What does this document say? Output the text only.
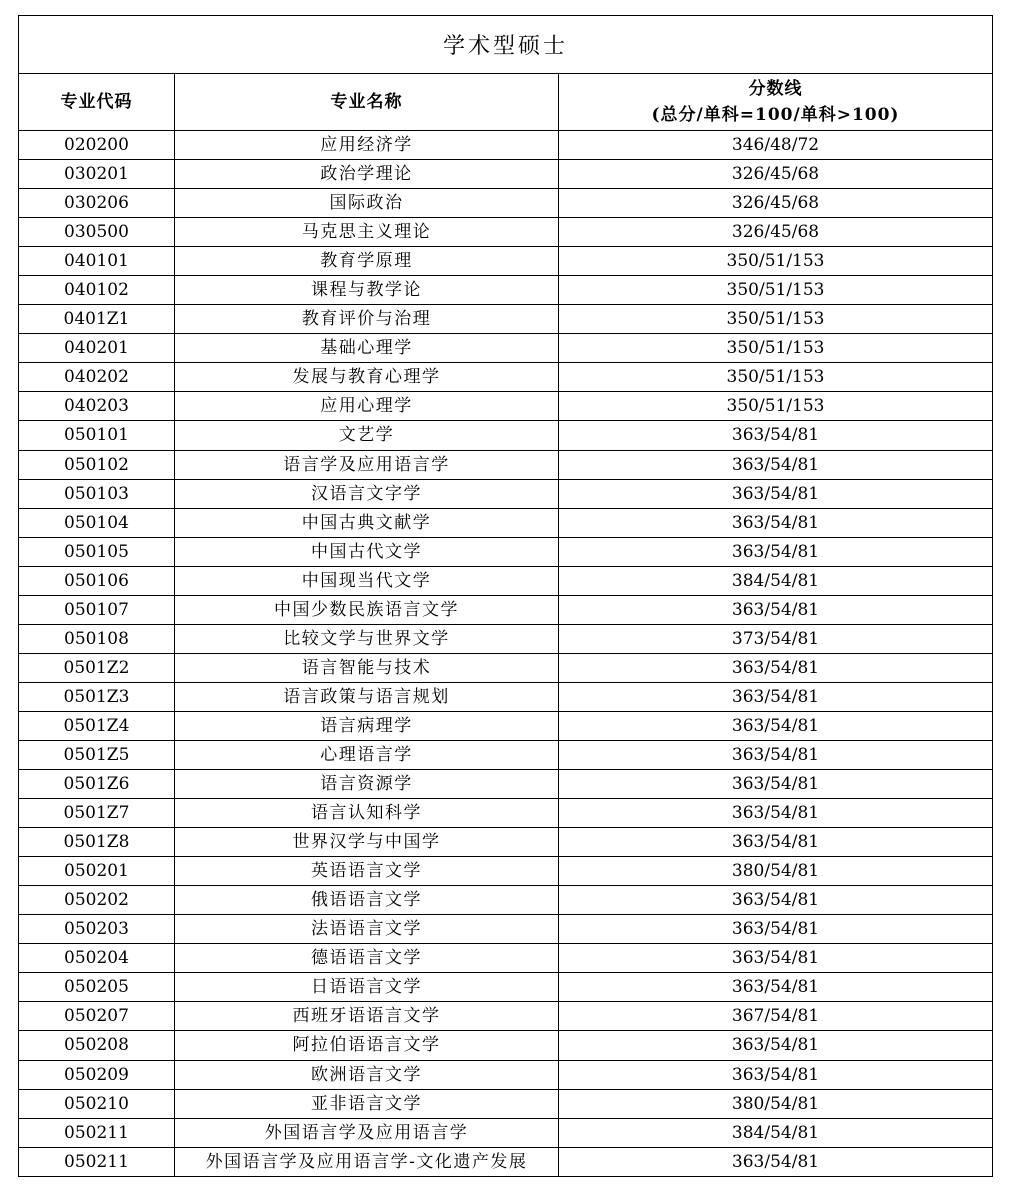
学术型硕士		
专业代码	专业名称	分数线
(总分/单科=100/单科>100)

020200	应用经济学	346/48/72
030201	政治学理论	326/45/68
030206	国际政治	326/45/68
030500	马克思主义理论	326/45/68
040101	教育学原理	350/51/153
040102	课程与教学论	350/51/153
0401Z1	教育评价与治理	350/51/153
040201	基础心理学	350/51/153
040202	发展与教育心理学	350/51/153
040203	应用心理学	350/51/153
050101	文艺学	363/54/81
050102	语言学及应用语言学	363/54/81
050103	汉语言文字学	363/54/81
050104	中国古典文献学	363/54/81
050105	中国古代文学	363/54/81
050106	中国现当代文学	384/54/81
050107	中国少数民族语言文学	363/54/81
050108	比较文学与世界文学	373/54/81
0501Z2	语言智能与技术	363/54/81
0501Z3	语言政策与语言规划	363/54/81
0501Z4	语言病理学	363/54/81
0501Z5	心理语言学	363/54/81
0501Z6	语言资源学	363/54/81
0501Z7	语言认知科学	363/54/81
0501Z8	世界汉学与中国学	363/54/81
050201	英语语言文学	380/54/81
050202	俄语语言文学	363/54/81
050203	法语语言文学	363/54/81
050204	德语语言文学	363/54/81
050205	日语语言文学	363/54/81
050207	西班牙语语言文学	367/54/81
050208	阿拉伯语语言文学	363/54/81
050209	欧洲语言文学	363/54/81
050210	亚非语言文学	380/54/81
050211	外国语言学及应用语言学	384/54/81
050211	外国语言学及应用语言学-文化遗产发展	363/54/81
